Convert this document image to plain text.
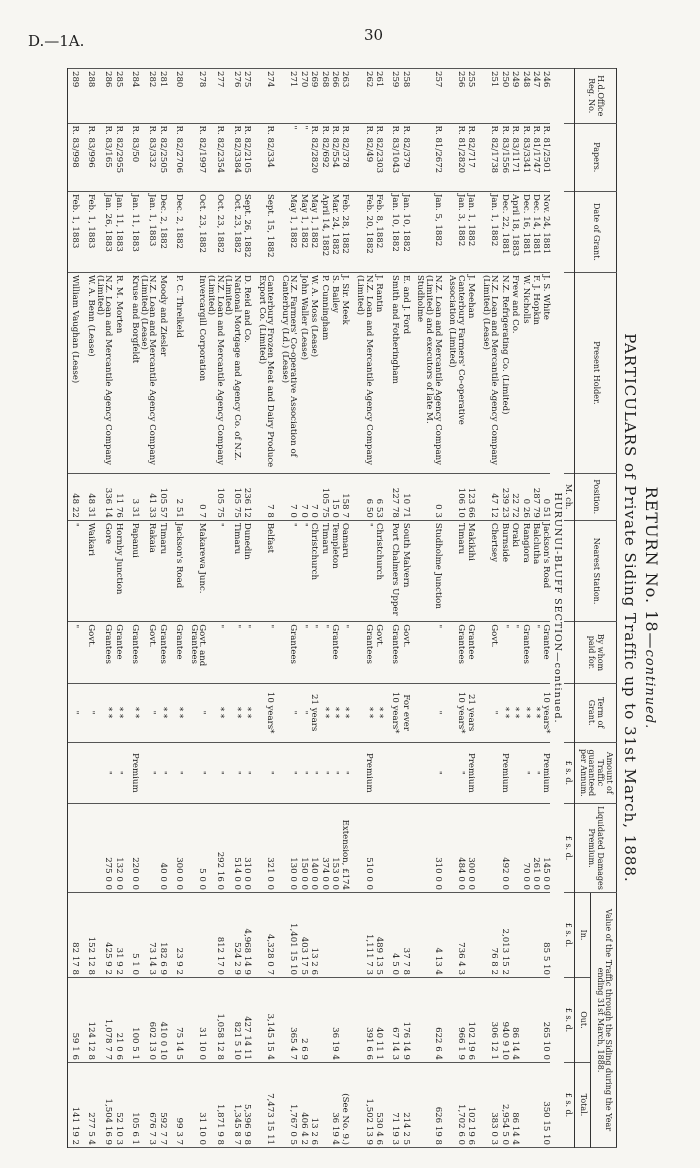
D.—1A.	30
RETURN No. 18—continued.
PARTICULARS of Private Siding Traffic up to 31st March, 1888.
H.d.Office Reg. No.	Papers.	Date of Grant.	Present Holder.	Position.	Nearest Station.	By whom paid for.	Term of Grant.	Amount of Traffic guaranteed per Annum.	Liquidated Damages Premium.	Value of the Traffic through the Siding during the Year ending 31st March, 1888.		
										In.	Out.	Total.
				M. ch.				£ s. d.	£ s. d.	£ s. d.	£ s. d.	£ s. d.
HURUNUI-BLUFF SECTION—continued.												
246	R. 81/2501	Nov. 24, 1881	J. S. White	0 51	Jackson's Road	Grantee	10 years*	Premium	145 0 0	85 5 10	265 10 0	350 15 10
247	R. 81/1747	Dec. 14, 1881	F. J. Hopkin	287 79	Balclutha	"	* *	"	261 0 0			
248	R. 83/3341	Dec. 16, 1881	W. Nicholls	0 26	Rangiora	Grantees	* *	"	70 0 0			
249	R. 83/1171	April 18, 1883	Frew and Co.	22 72	Oraki	"	* *				86 14 4	86 14 4
250	R. 83/1556	Dec. 22, 1881	N.Z. Refrigerating Co. (Limited)	239 23	Burnside	"	* *	Premium	492 0 0	2,013 15 2	940 9 10	2,954 5 0
251	R. 82/1738	Jan. 1, 1882	N.Z. Loan and Mercantile Agency Company (Limited) (Lease)	47 12	Chertsey	Govt.	"			76 8 2	306 12 1	383 0 3

255	R. 82/717	Jan. 1, 1882	J. Meehan	123 66	Makikihi	Grantee	21 years	Premium	300 0 0		102 19 6	102 19 6
256	R. 81/2820	Jan. 3, 1882	Canterbury Farmers' Co-operative Association (Limited)	106 10	Timaru	Grantees	10 years*	"	484 0 0	736 4 3	966 1 9	1,702 6 0

257	R. 81/2672	Jan. 5, 1882	N.Z. Loan and Mercantile Agency Company (Limited) and executors of late M. Studholme	0 3	Studholme Junction	"	"	"	310 0 0	4 13 4	622 6 4	626 19 8

258	R. 82/379	Jan. 10, 1882	E. and J. Ford	10 71	South Malvern	Govt.	For ever			37 7 8	176 14 9	214 2 5
259	R. 83/1043	Jan. 10, 1882	Smith and Fotheringham	227 78	Port Chalmers Upper	Grantees	10 years*			4 5 0	67 14 3	71 19 3

261	R. 82/2303	Feb. 8, 1882	J. Rantin	6 53	Christchurch	Govt.	* *			489 13 5	40 11 1	530 4 6
262	R. 82/49	Feb. 20, 1882	N.Z. Loan and Mercantile Agency Company (Limited)	6 50	"	Grantees	* *	Premium	510 0 0	1,111 7 3	391 6 6	1,502 13 9

263	R. 82/378	Feb. 28, 1882	J. Sir. Meek	158 7	Oamaru	"	* *	"	Extension, £174			(See No. 9.)
266	R. 82/554	Mar. 24, 1882	S. Bailey	15 0	Templeton	Grantee	* *	"	153 0 0		36 19 4	36 19 4
268	R. 82/692	April 14, 1882	P. Cunningham	105 75	Timaru	"	* *	"	374 0 0			
269	R. 82/2820	May 1, 1882	W. A. Moss (Lease)	7 0	Christchurch	"	21 years	"	140 0 0	13 2 6		13 2 6
270	"	May 1, 1882	John Waller (Lease)	7 0	"	"	"	"	150 0 0	403 17 5	2 6 9	406 4 2
271	"	May 1, 1882	N.Z. Farmers' Co-operative Association of Canterbury (Ld.) (Lease)	7 0	"	Grantees	"	"	130 0 0	1,401 15 10	365 4 7	1,767 0 5

274	R. 82/334	Sept. 15, 1882	Canterbury Frozen Meat and Dairy Produce Export Co. (Limited)	7 8	Belfast	"	10 years*	"	321 0 0	4,328 0 7	3,145 15 4	7,473 15 11

275	R. 82/2105	Sept. 26, 1882	D. Reid and Co.	236 12	Dunedin	"	* *	"	310 0 0	4,968 14 9	427 14 11	5,396 9 8
276	R. 82/3384	Oct. 23, 1882	National Mortgage and Agency Co. of N.Z. (Limited)	105 75	Timaru	"	* *	"	514 0 0	524 2 9	821 5 10	1,345 8 7
277	R. 82/2354	Oct. 23, 1882	N.Z. Loan and Mercantile Agency Company (Limited)	105 75	"	"	* *	"	292 16 0	812 17 0	1,058 12 8	1,871 9 8
278	R. 82/1997	Oct. 23, 1882	Invercargill Corporation	0 7	Makarewa Junc.	Govt. and Grantees	"	"	5 0 0		31 10 0	31 10 0

280	R. 82/2706	Dec. 2, 1882	P. C. Threlkeld	2 51	Jackson's Road	Grantee	* *	"	300 0 0	23 9 2	75 14 5	99 3 7

281	R. 82/2505	Dec. 2, 1882	Moody and Ziesler	105 57	Timaru	Grantees	* *	"	40 0 0	182 6 9	410 0 10	592 7 7
282	R. 83/332	Jan. 1, 1883	N.Z. Loan and Mercantile Agency Company (Limited) (Lease)	41 33	Rakaia	Govt.	"	"		73 14 3	602 13 0	676 7 3
284	R. 83/50	Jan. 11, 1883	Kruse and Borgfeldt	3 31	Papanui	Grantees	* *	Premium	220 0 0	5 1 0	100 5 1	105 6 1

285	R. 82/2955	Jan. 11, 1883	R. M. Morten	11 76	Hornby Junction	Grantee	* *	"	132 0 0	31 9 2	21 0 6	52 10 3
286	R. 83/165	Jan. 26, 1883	N.Z. Loan and Mercantile Agency Company (Limited)	336 14	Gore	Grantees	* *	"	275 0 0	425 9 2	1,078 7 7	1,504 16 9
288	R. 83/996	Feb. 1, 1883	W. A. Benn (Lease)	48 31	Waikari	Govt.	"			152 12 8	124 12 8	277 5 4

289	R. 83/998	Feb. 1, 1883	William Vaughan (Lease)	48 22	"	"	"			82 17 8	59 1 6	141 19 2
